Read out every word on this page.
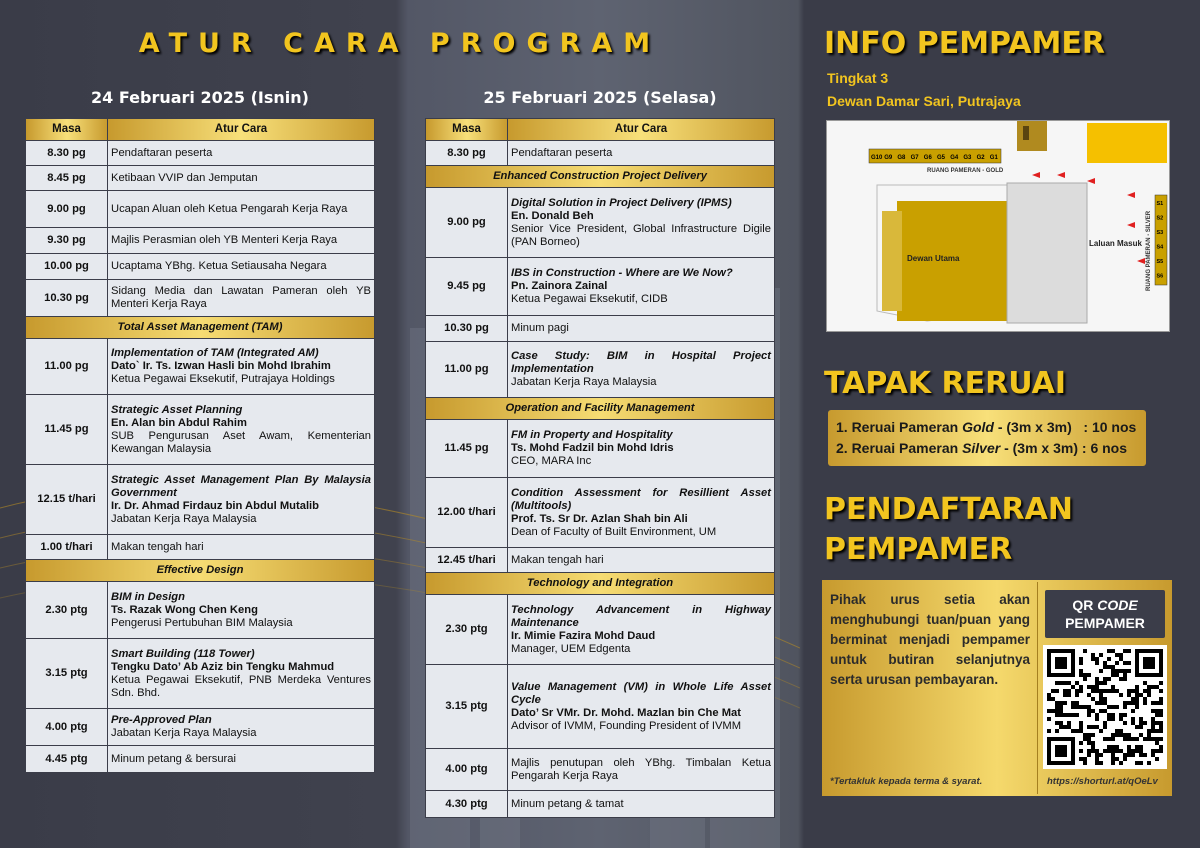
ATUR CARA PROGRAM
24 Februari 2025 (Isnin)	25 Februari 2025 (Selasa)
Masa	Atur Cara
8.30 pg	Pendaftaran peserta
8.45 pg	Ketibaan VVIP dan Jemputan
9.00 pg	Ucapan Aluan oleh Ketua Pengarah Kerja Raya
9.30 pg	Majlis Perasmian oleh YB Menteri Kerja Raya
10.00 pg	Ucaptama YBhg. Ketua Setiausaha Negara
10.30 pg	Sidang Media dan Lawatan Pameran oleh YB Menteri Kerja Raya
Total Asset Management (TAM)	
11.00 pg	Implementation of TAM (Integrated AM)
Dato` Ir. Ts. Izwan Hasli bin Mohd Ibrahim
Ketua Pegawai Eksekutif, Putrajaya Holdings

11.45 pg	Strategic Asset Planning
En. Alan bin Abdul Rahim
SUB Pengurusan Aset Awam, Kementerian Kewangan Malaysia

12.15 t/hari	Strategic Asset Management Plan By Malaysia Government
Ir. Dr. Ahmad Firdauz bin Abdul Mutalib
Jabatan Kerja Raya Malaysia

1.00 t/hari	Makan tengah hari
Effective Design	
2.30 ptg	BIM in Design
Ts. Razak Wong Chen Keng
Pengerusi Pertubuhan BIM Malaysia

3.15 ptg	Smart Building (118 Tower)
Tengku Dato’ Ab Aziz bin Tengku Mahmud
Ketua Pegawai Eksekutif, PNB Merdeka Ventures Sdn. Bhd.

4.00 ptg	Pre-Approved Plan
Jabatan Kerja Raya Malaysia

4.45 ptg	Minum petang & bersurai
Masa	Atur Cara
8.30 pg	Pendaftaran peserta
Enhanced Construction Project Delivery	
9.00 pg	Digital Solution in Project Delivery (IPMS)
En. Donald Beh
Senior Vice President, Global Infrastructure Digile (PAN Borneo)

9.45 pg	IBS in Construction - Where are We Now?
Pn. Zainora Zainal
Ketua Pegawai Eksekutif, CIDB

10.30 pg	Minum pagi
11.00 pg	Case Study: BIM in Hospital Project Implementation
Jabatan Kerja Raya Malaysia

Operation and Facility Management	
11.45 pg	FM in Property and Hospitality
Ts. Mohd Fadzil bin Mohd Idris
CEO, MARA Inc

12.00 t/hari	Condition Assessment for Resillient Asset (Multitools)
Prof. Ts. Sr Dr. Azlan Shah bin Ali
Dean of Faculty of Built Environment, UM

12.45 t/hari	Makan tengah hari
Technology and Integration	
2.30 ptg	Technology Advancement in Highway Maintenance
Ir. Mimie Fazira Mohd Daud
Manager, UEM Edgenta

3.15 ptg	Value Management (VM) in Whole Life Asset Cycle
Dato’ Sr VMr. Dr. Mohd. Mazlan bin Che Mat
Advisor of IVMM, Founding President of IVMM

4.00 ptg	Majlis penutupan oleh YBhg. Timbalan Ketua Pengarah Kerja Raya
4.30 ptg	Minum petang & tamat
INFO PEMPAMER
Tingkat 3
Dewan Damar Sari, Putrajaya
G10 G9 G8 G7 G6 G5 G4 G3 G2 G1
RUANG PAMERAN - GOLD
S1
S2
S3
S4
S5
S6
RUANG PAMERAN - SILVER
Dewan Utama
Laluan Masuk
TAPAK RERUAI
1. Reruai Pameran Gold - (3m x 3m)   : 10 nos
2. Reruai Pameran Silver - (3m x 3m) : 6 nos
PENDAFTARAN
PEMPAMER
Pihak urus setia akan menghubungi tuan/puan yang berminat menjadi pempamer untuk butiran selanjutnya serta urusan pembayaran.
QR CODE
PEMPAMER
*Tertakluk kepada terma & syarat.	https://shorturl.at/qOeLv
